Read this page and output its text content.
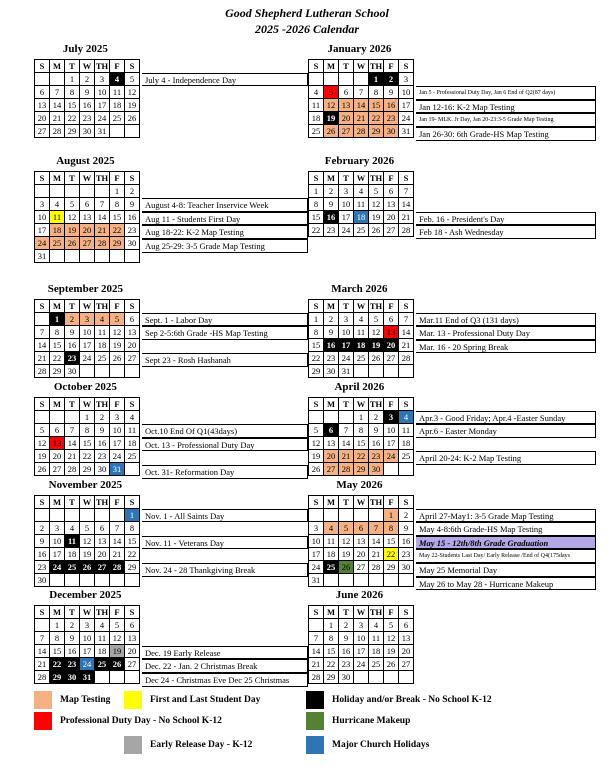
Good Shepherd Lutheran School
2025 -2026 Calendar
July 2025
S	M	T	W	TH	F	S
		1	2	3	4	5
6	7	8	9	10	11	12
13	14	15	16	17	18	19
20	21	22	23	24	25	26
27	28	29	30	31		
July 4 - Independence Day
August 2025
S	M	T	W	TH	F	S
					1	2
3	4	5	6	7	8	9
10	11	12	13	14	15	16
17	18	19	20	21	22	23
24	25	26	27	28	29	30
31						
August 4-8: Teacher Inservice Week
Aug 11 - Students First Day
Aug 18-22: K-2 Map Testing
Aug 25-29: 3-5 Grade Map Testing
September 2025
S	M	T	W	TH	F	S
	1	2	3	4	5	6
7	8	9	10	11	12	13
14	15	16	17	18	19	20
21	22	23	24	25	26	27
28	29	30				
Sept. 1 - Labor Day
Sep 2-5:6th Grade -HS Map Testing
Sept 23 - Rosh Hashanah
October 2025
S	M	T	W	TH	F	S
			1	2	3	4
5	6	7	8	9	10	11
12	13	14	15	16	17	18
19	20	21	22	23	24	25
26	27	28	29	30	31	
Oct.10 End Of Q1(43days)
Oct. 13 - Professional Duty Day
Oct. 31- Reformation Day
November 2025
S	M	T	W	TH	F	S
						1
2	3	4	5	6	7	8
9	10	11	12	13	14	15
16	17	18	19	20	21	22
23	24	25	26	27	28	29
30						
Nov. 1 - All Saints Day
Nov. 11 - Veterans Day
Nov. 24 - 28 Thankgiving Break
December 2025
S	M	T	W	TH	F	S
	1	2	3	4	5	6
7	8	9	10	11	12	13
14	15	16	17	18	19	20
21	22	23	24	25	26	27
28	29	30	31			
Dec. 19 Early Release
Dec. 22 - Jan. 2 Christmas Break
Dec 24 - Christmas Eve Dec 25 Christmas
January 2026
S	M	T	W	TH	F	S
				1	2	3
4	5	6	7	8	9	10
11	12	13	14	15	16	17
18	19	20	21	22	23	24
25	26	27	28	29	30	31
Jan 5 - Professional Duty Day, Jan 6 End of Q2(87 days)
Jan 12-16: K-2 Map Testing
Jan 19- MLK. Jr Day, Jan 20-23:3-5 Grade Map Testing
Jan 26-30: 6th Grade-HS Map Testing
February 2026
S	M	T	W	TH	F	S
1	2	3	4	5	6	7
8	9	10	11	12	13	14
15	16	17	18	19	20	21
22	23	24	25	26	27	28
Feb. 16 - President's Day
Feb 18 - Ash Wednesday
March 2026
S	M	T	W	TH	F	S
1	2	3	4	5	6	7
8	9	10	11	12	13	14
15	16	17	18	19	20	21
22	23	24	25	26	27	28
29	30	31				
Mar.11 End of Q3 (131 days)
Mar. 13 - Professional Duty Day
Mar. 16 - 20 Spring Break
April 2026
S	M	T	W	TH	F	S
			1	2	3	4
5	6	7	8	9	10	11
12	13	14	15	16	17	18
19	20	21	22	23	24	25
26	27	28	29	30		
Apr.3 - Good Friday; Apr.4 -Easter Sunday
Apr.6 - Easter Monday
April 20-24: K-2 Map Testing
May 2026
S	M	T	W	TH	F	S
					1	2
3	4	5	6	7	8	9
10	11	12	13	14	15	16
17	18	19	20	21	22	23
24	25	26	27	28	29	30
31						
April 27-May1: 3-5 Grade Map Testing
May 4-8:6th Grade-HS Map Testing
May 15 - 12th/8th Grade Graduation
May 22-Students Last Day/ Early Release /End of Q4(175days
May 25 Memorial Day
May 26 to May 28 - Hurricane Makeup
June 2026
S	M	T	W	TH	F	S
	1	2	3	4	5	6
7	8	9	10	11	12	13
14	15	16	17	18	19	20
21	22	23	24	25	26	27
28	29	30				
Map Testing	First and Last Student Day	Holiday and/or Break - No School K-12
Professional Duty Day - No School K-12	Hurricane Makeup
Early Release Day - K-12	Major Church Holidays
